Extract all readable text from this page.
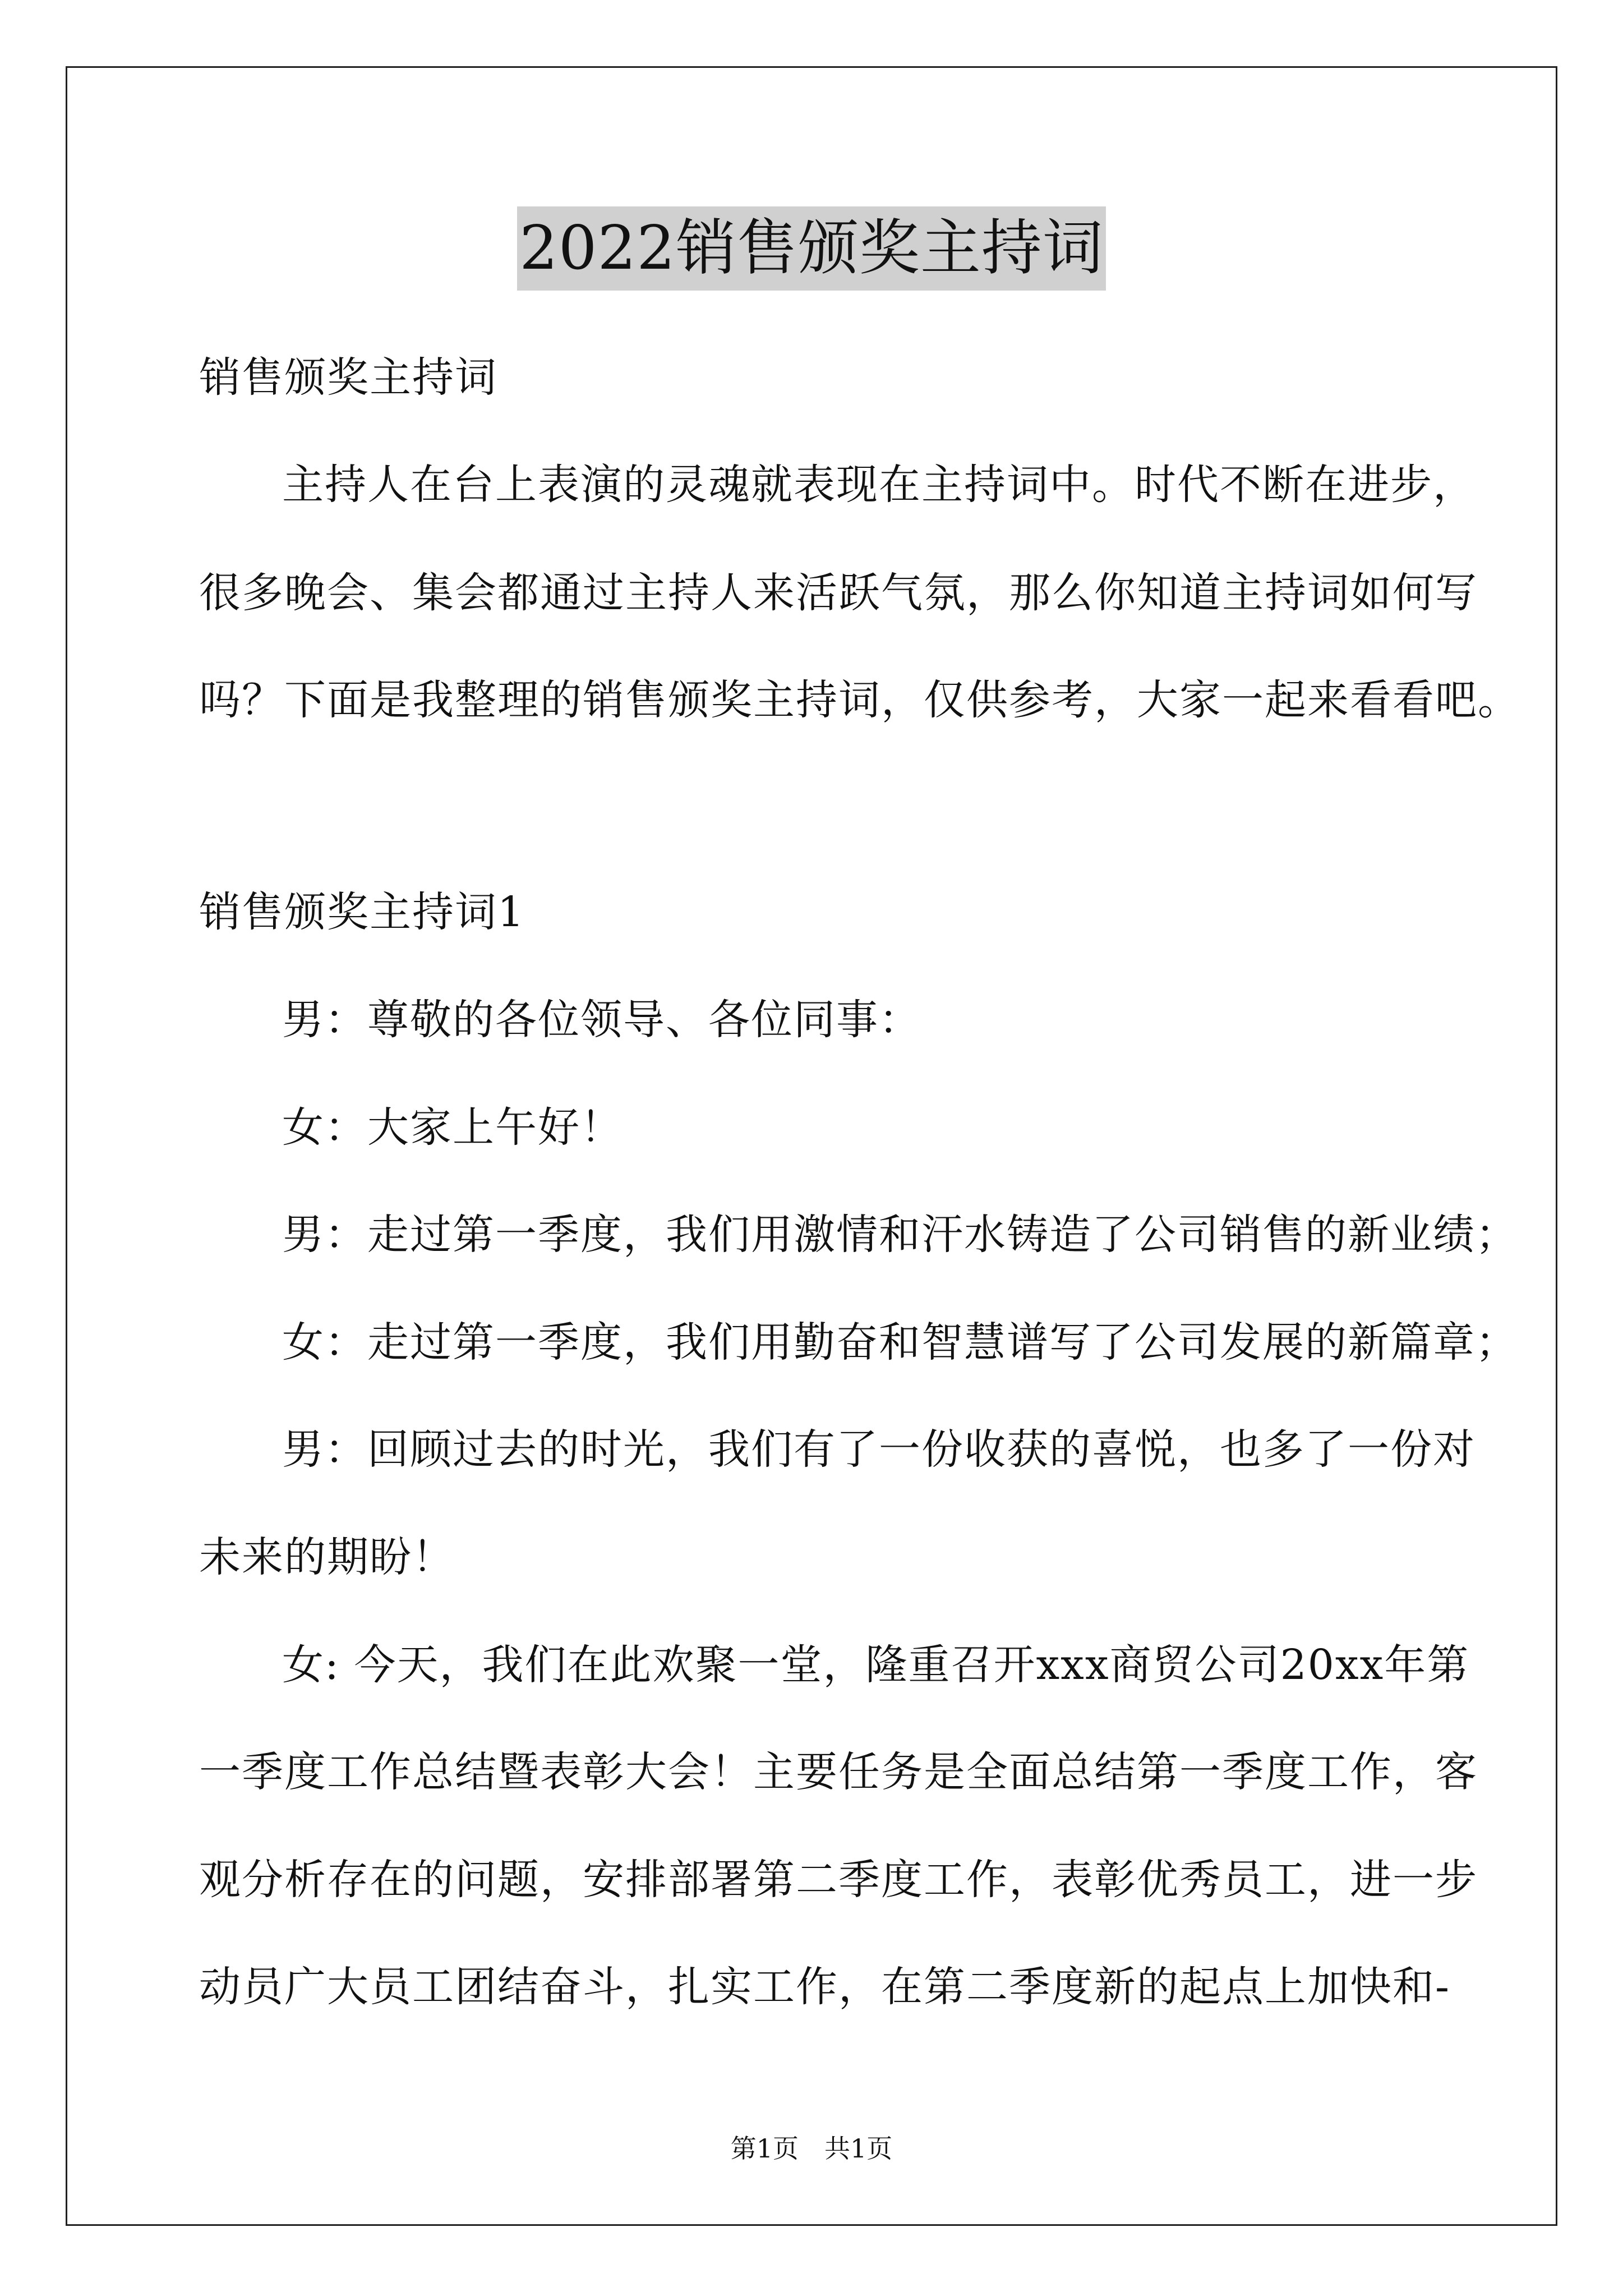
2022销售颁奖主持词
销售颁奖主持词
主持人在台上表演的灵魂就表现在主持词中。时代不断在进步，
很多晚会、集会都通过主持人来活跃气氛，那么你知道主持词如何写
吗？下面是我整理的销售颁奖主持词，仅供参考，大家一起来看看吧。
销售颁奖主持词1
男：尊敬的各位领导、各位同事：
女：大家上午好！
男：走过第一季度，我们用激情和汗水铸造了公司销售的新业绩；
女：走过第一季度，我们用勤奋和智慧谱写了公司发展的新篇章；
男：回顾过去的时光，我们有了一份收获的喜悦，也多了一份对
未来的期盼！
女: 今天，我们在此欢聚一堂，隆重召开xxx商贸公司20xx年第
一季度工作总结暨表彰大会！主要任务是全面总结第一季度工作，客
观分析存在的问题，安排部署第二季度工作，表彰优秀员工，进一步
动员广大员工团结奋斗，扎实工作，在第二季度新的起点上加快和-
第1页　共1页
